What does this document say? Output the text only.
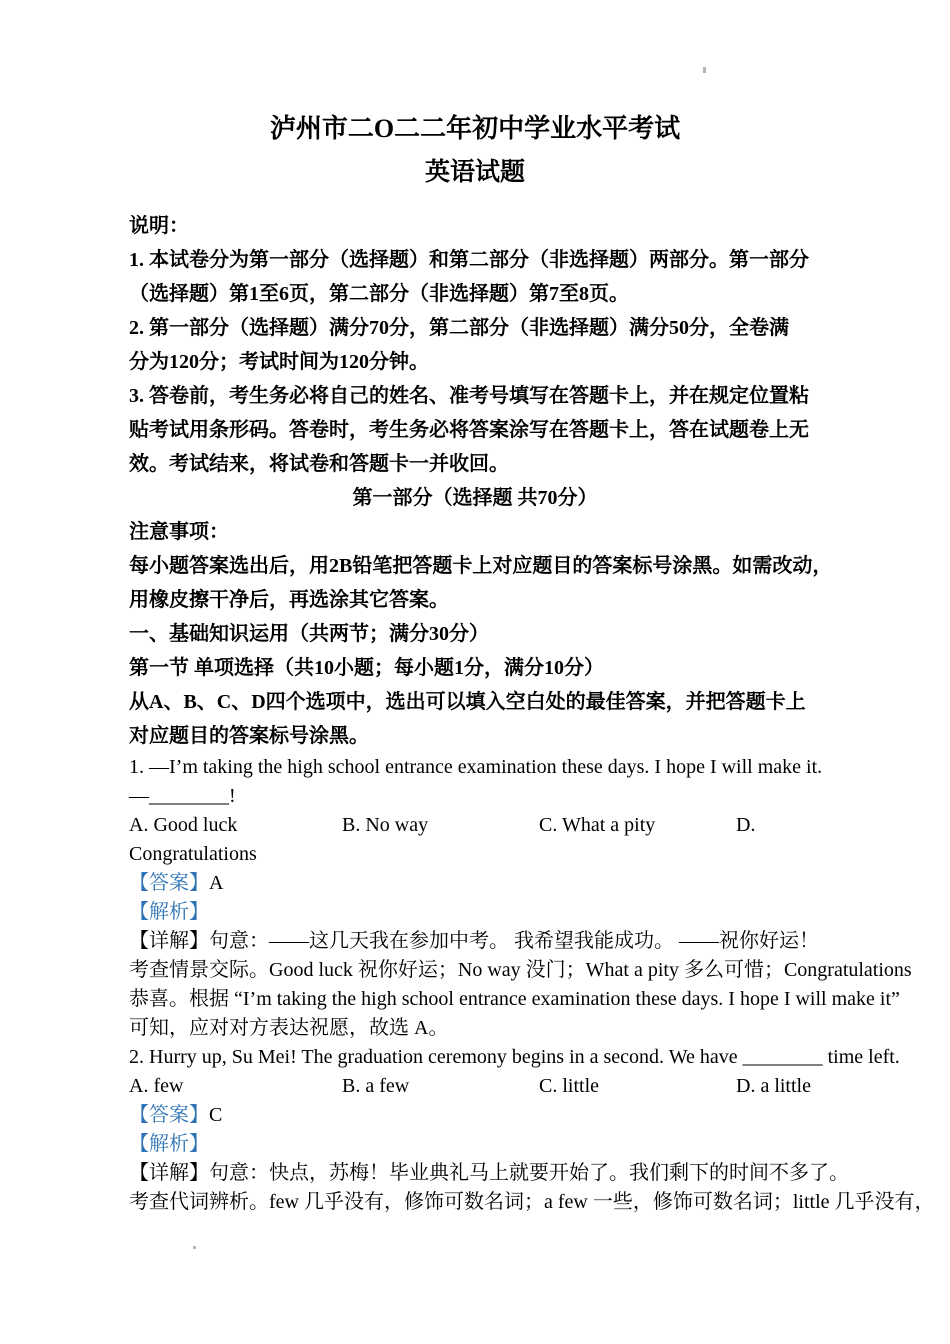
泸州市二O二二年初中学业水平考试
英语试题
说明：
1. 本试卷分为第一部分（选择题）和第二部分（非选择题）两部分。第一部分
（选择题）第1至6页，第二部分（非选择题）第7至8页。
2. 第一部分（选择题）满分70分，第二部分（非选择题）满分50分，全卷满
分为120分；考试时间为120分钟。
3. 答卷前，考生务必将自己的姓名、准考号填写在答题卡上，并在规定位置粘
贴考试用条形码。答卷时，考生务必将答案涂写在答题卡上，答在试题卷上无
效。考试结来，将试卷和答题卡一并收回。
第一部分（选择题 共70分）
注意事项：
每小题答案选出后，用2B铅笔把答题卡上对应题目的答案标号涂黑。如需改动，
用橡皮擦干净后，再选涂其它答案。
一、基础知识运用（共两节；满分30分）
第一节 单项选择（共10小题；每小题1分，满分10分）
从A、B、C、D四个选项中，选出可以填入空白处的最佳答案，并把答题卡上
对应题目的答案标号涂黑。
1. —I’m taking the high school entrance examination these days. I hope I will make it.
—________!
A. Good luck	B. No way	C. What a pity	D.
Congratulations
【答案】A
【解析】
【详解】句意：——这几天我在参加中考。 我希望我能成功。 ——祝你好运！
考查情景交际。Good luck 祝你好运；No way 没门；What a pity 多么可惜；Congratulations
恭喜。根据 “I’m taking the high school entrance examination these days. I hope I will make it”
可知，应对对方表达祝愿，故选 A。
2. Hurry up, Su Mei! The graduation ceremony begins in a second. We have ________ time left.
A. few	B. a few	C. little	D. a little
【答案】C
【解析】
【详解】句意：快点，苏梅！毕业典礼马上就要开始了。我们剩下的时间不多了。
考查代词辨析。few 几乎没有，修饰可数名词；a few 一些，修饰可数名词；little 几乎没有，
